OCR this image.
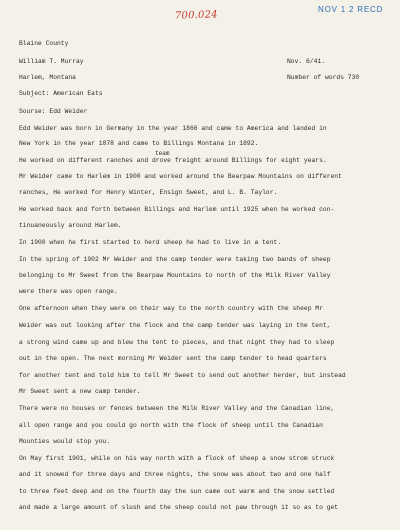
700.024	NOV 1 2 RECD
Blaine County
William T. Murray	Nov. 6/41.
Harlem, Montana	Number of words 730
Subject: American Eats
Sourse: Edd Weider
Edd Weider was born in Germany in the year 1866 and came to America and landed in
New York in the year 1878 and came to Billings Montana in 1892.
He worked on different ranches and drove freight around Billings for eight years.
team
Mr Weider came to Harlem in 1900 and worked around the Bearpaw Mountains on different
ranches, He worked for Henry Winter, Ensign Sweet, and L. B. Taylor.
He worked back and forth between Billings and Harlem until 1925 when he worked con-
tinuaneously around Harlem.
In 1900 when he first started to herd sheep he had to live in a tent.
In the spring of 1902 Mr Weider and the camp tender were taking two bands of sheep
belonging to Mr Sweet from the Bearpaw Mountains to north of the Milk River Valley
were there was open range.
One afternoon when they were on their way to the north country with the sheep Mr
Weider was out looking after the flock and the camp tender was laying in the tent,
a strong wind came up and blew the tent to pieces, and that night they had to sleep
out in the open. The next morning Mr Weider sent the camp tender to head quarters
for another tent and told him to tell Mr Sweet to send out another herder, but instead
Mr Sweet sent a new camp tender.
There were no houses or fences between the Milk River Valley and the Canadian line,
all open range and you could go north with the flock of sheep until the Canadian
Mounties would stop you.
On May first 1901, while on his way north with a flock of sheep a snow strom struck
and it snowed for three days and three nights, the snow was about two and one half
to three feet deep and on the fourth day the sun came out warm and the snow settled
and made a large amount of slush and the sheep could not paw through it so as to get
